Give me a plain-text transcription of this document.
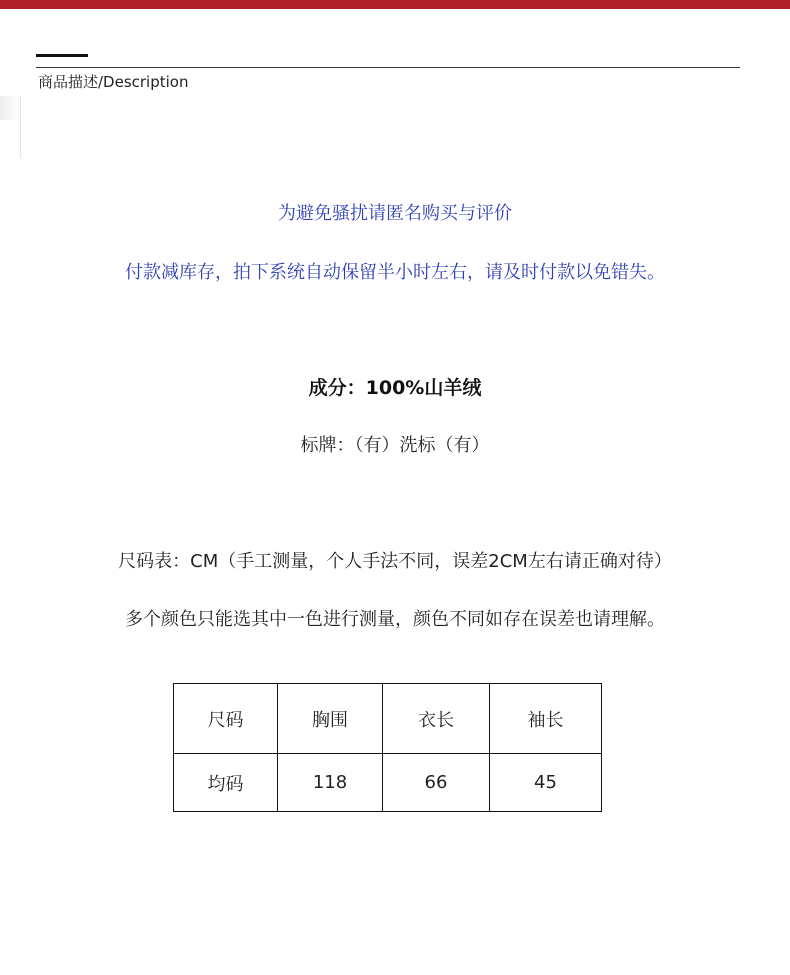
商品描述/Description
为避免骚扰请匿名购买与评价
付款减库存，拍下系统自动保留半小时左右，请及时付款以免错失。
成分：100%山羊绒
标牌：（有）洗标（有）
尺码表：CM（手工测量，个人手法不同，误差2CM左右请正确对待）
多个颜色只能选其中一色进行测量，颜色不同如存在误差也请理解。
尺码	胸围	衣长	袖长
均码	118	66	45
